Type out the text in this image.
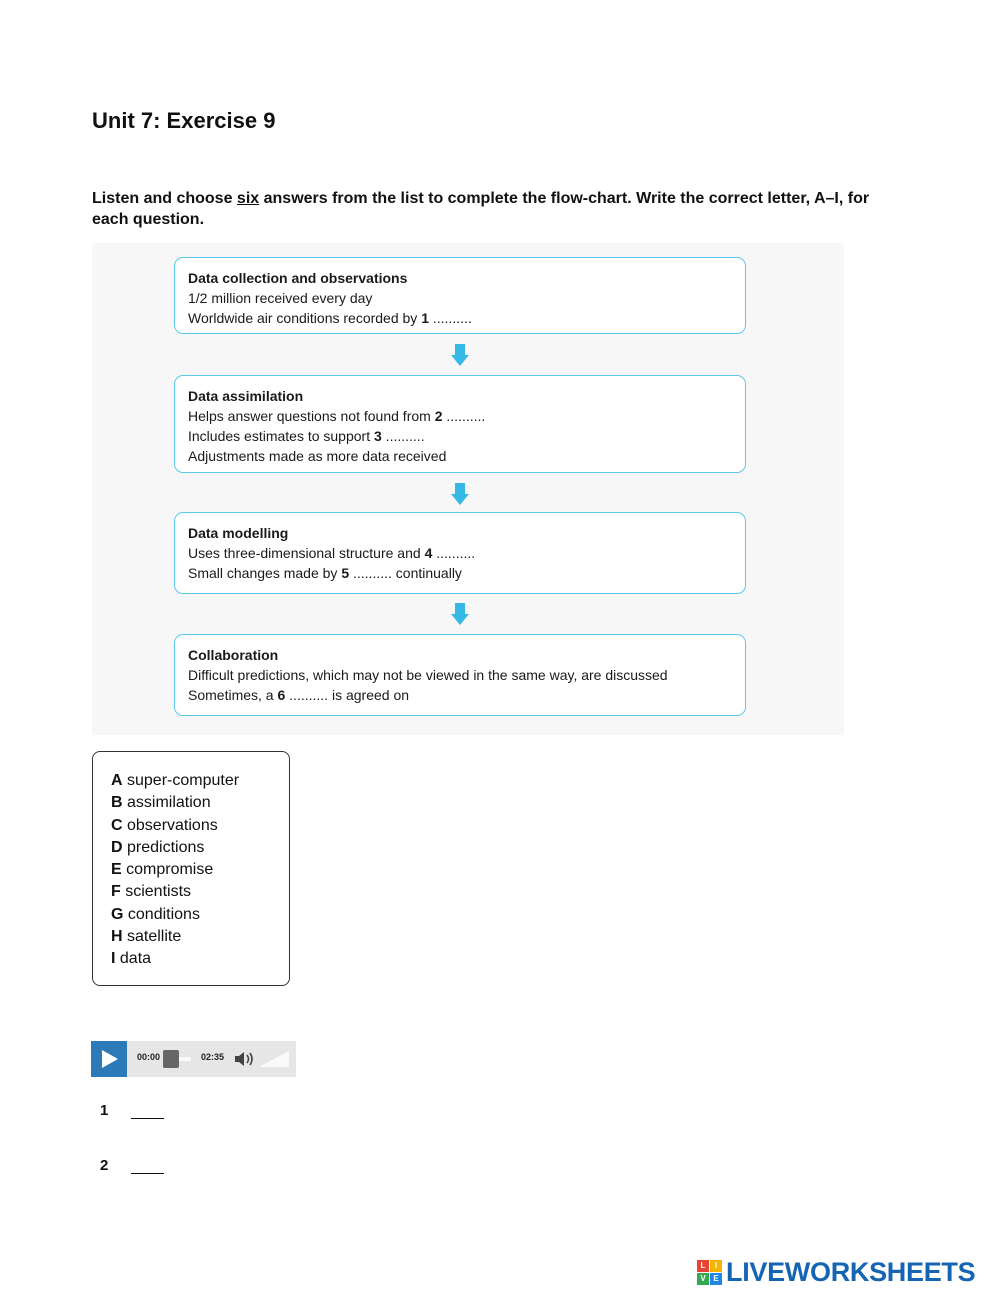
Unit 7: Exercise 9
Listen and choose six answers from the list to complete the flow-chart. Write the correct letter, A–I, for each question.
Data collection and observations
1/2 million received every day
Worldwide air conditions recorded by 1 ..........
Data assimilation
Helps answer questions not found from 2 ..........
Includes estimates to support 3 ..........
Adjustments made as more data received
Data modelling
Uses three-dimensional structure and 4 ..........
Small changes made by 5 .......... continually
Collaboration
Difficult predictions, which may not be viewed in the same way, are discussed
Sometimes, a 6 .......... is agreed on
A super-computer
B assimilation
C observations
D predictions
E compromise
F scientists
G conditions
H satellite
I data
00:00	02:35
1
2
L	I
V E LIVEWORKSHEETS
